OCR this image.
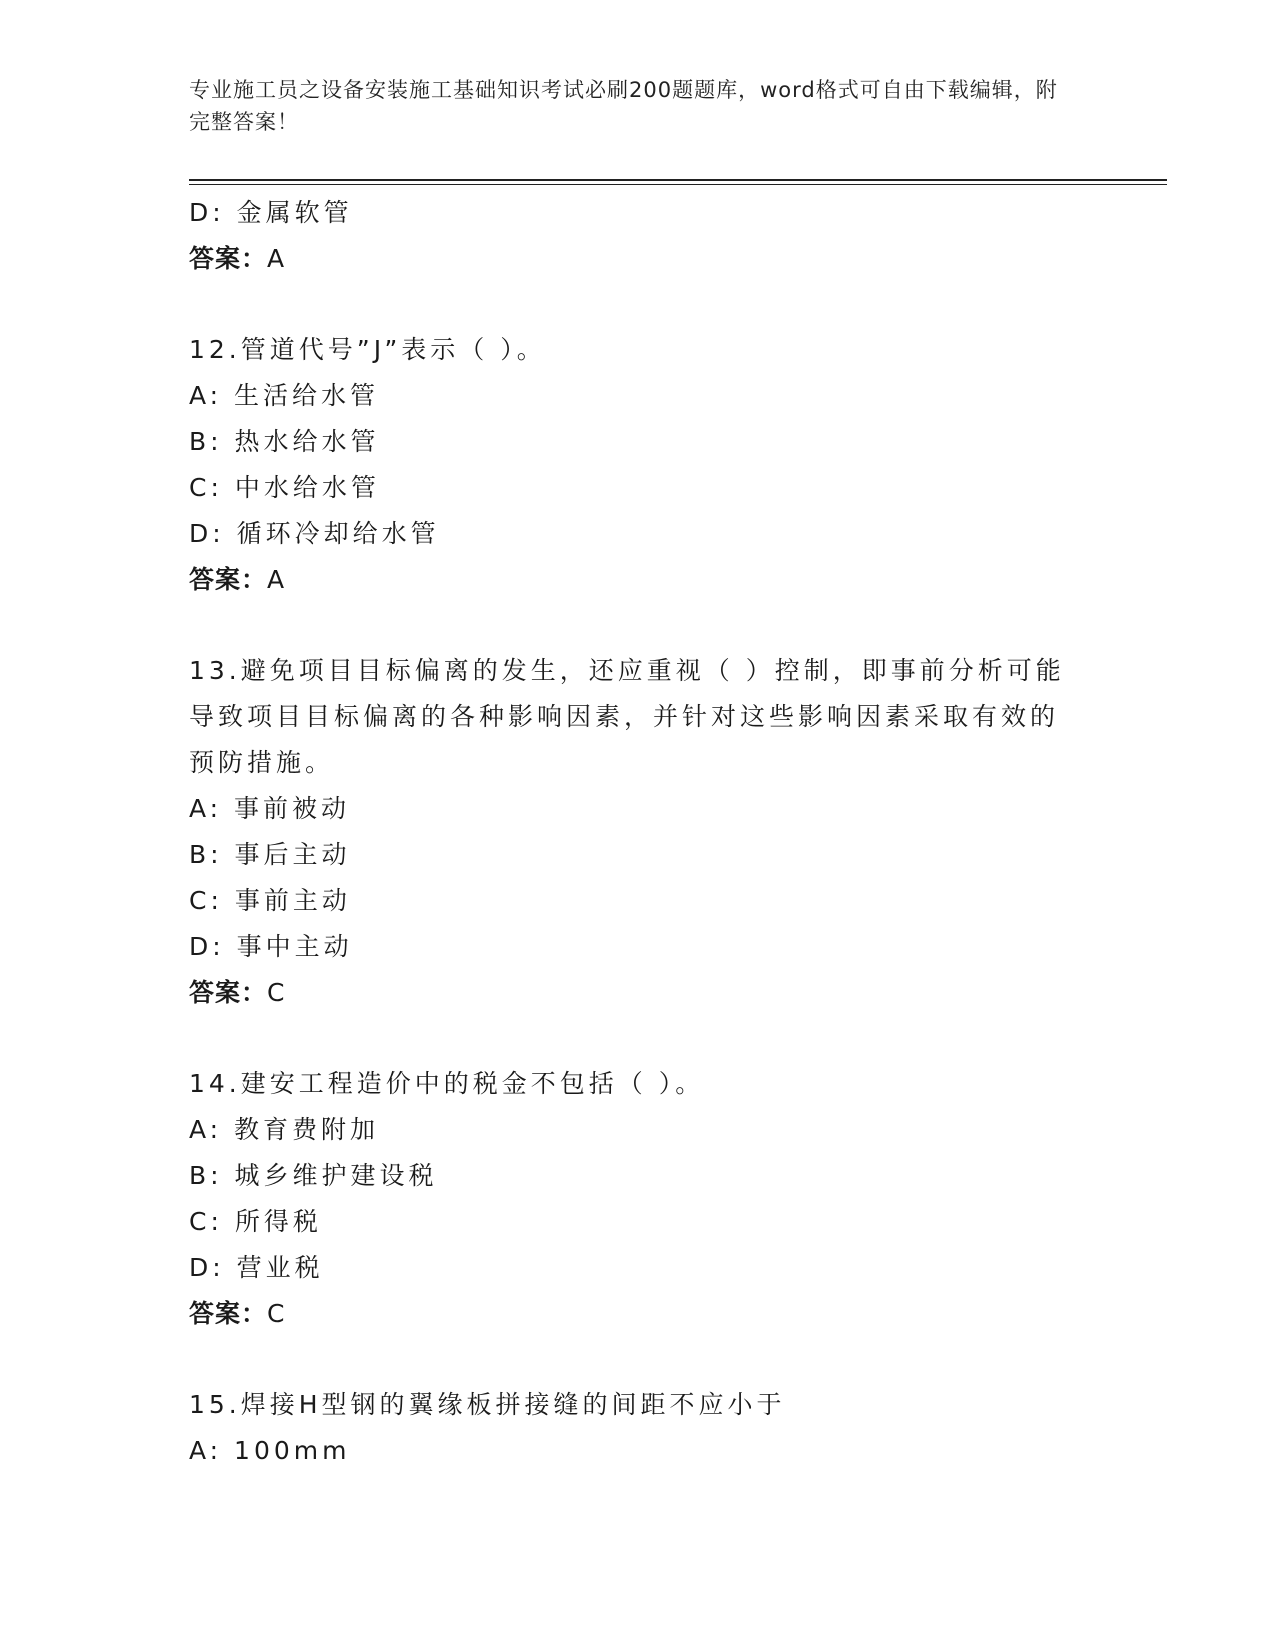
专业施工员之设备安装施工基础知识考试必刷200题题库，word格式可自由下载编辑，附完整答案！
D: 金属软管
答案：A
12.管道代号”J”表示（ ）。
A: 生活给水管
B: 热水给水管
C: 中水给水管
D: 循环冷却给水管
答案：A
13.避免项目目标偏离的发生，还应重视（ ）控制，即事前分析可能导致项目目标偏离的各种影响因素，并针对这些影响因素采取有效的预防措施。
A: 事前被动
B: 事后主动
C: 事前主动
D: 事中主动
答案：C
14.建安工程造价中的税金不包括（ ）。
A: 教育费附加
B: 城乡维护建设税
C: 所得税
D: 营业税
答案：C
15.焊接H型钢的翼缘板拼接缝的间距不应小于
A: 100mm
